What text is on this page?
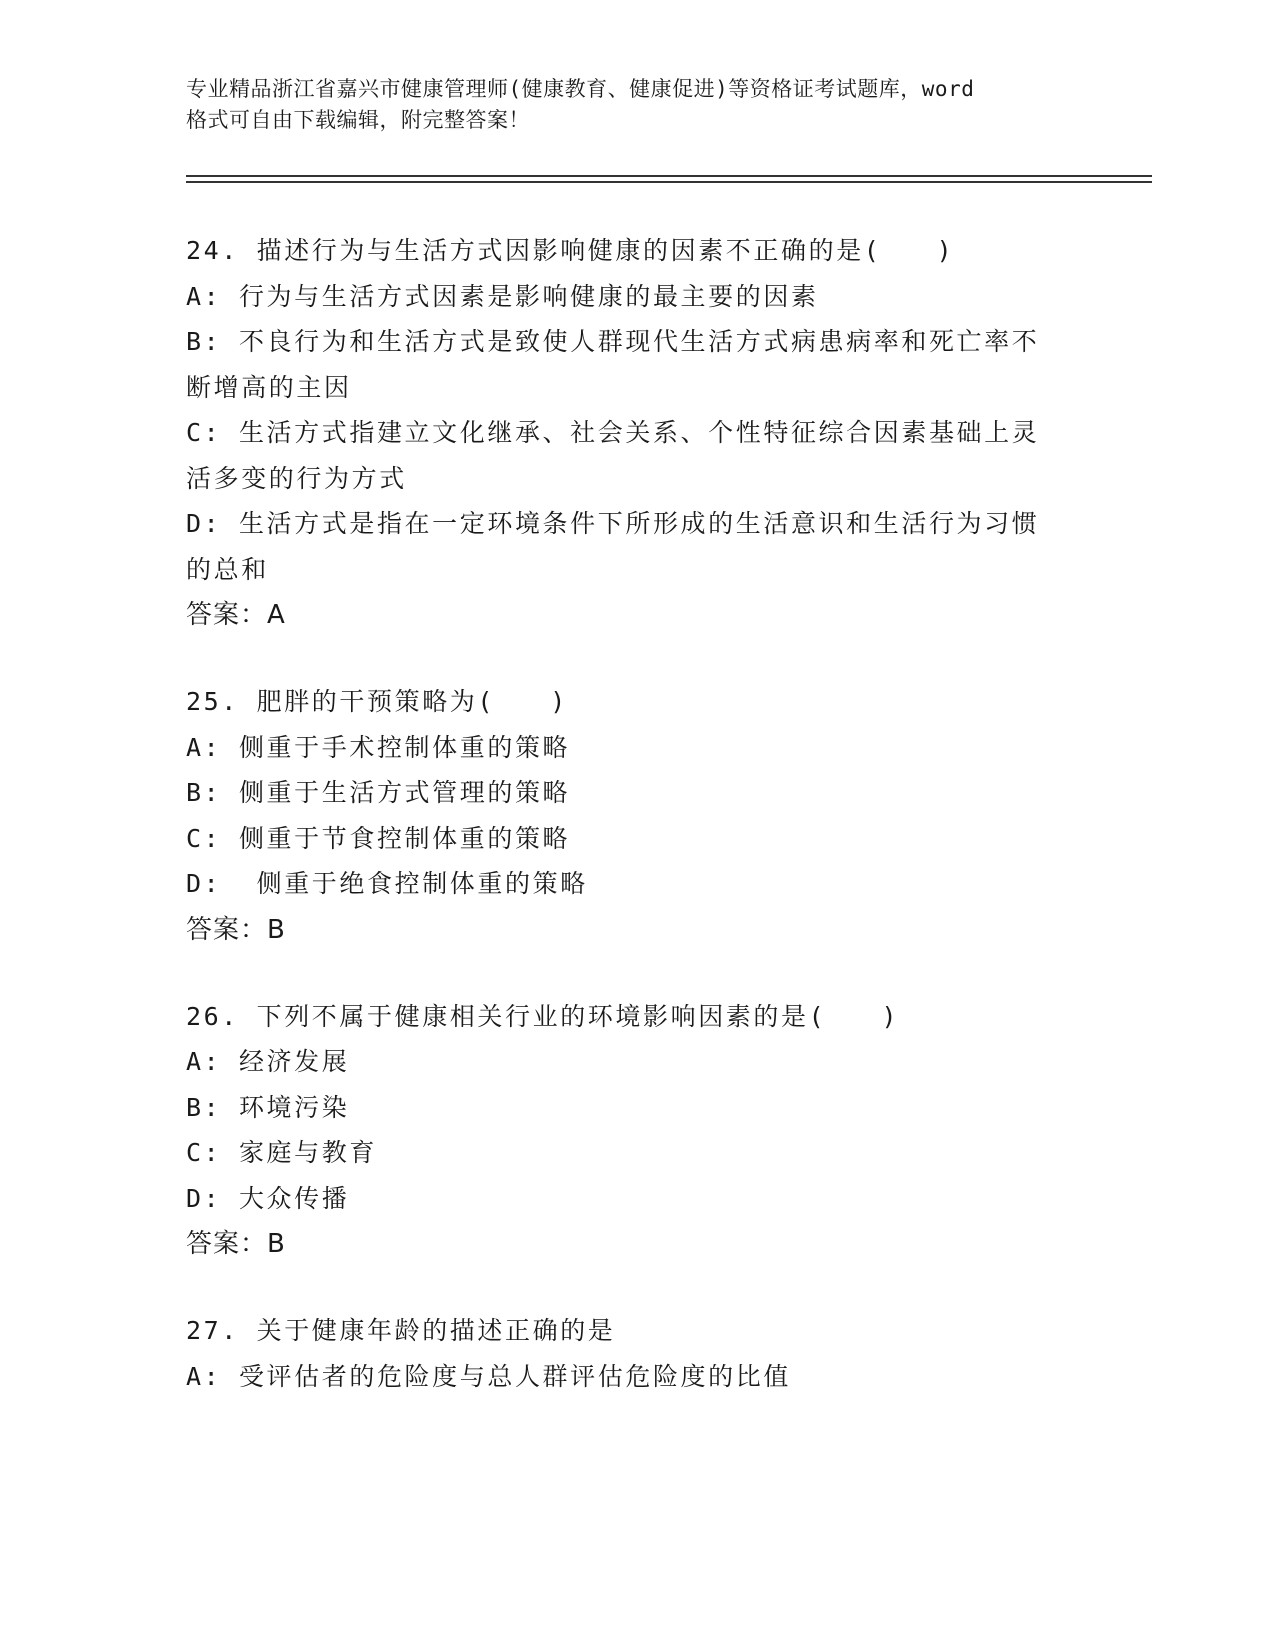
专业精品浙江省嘉兴市健康管理师(健康教育、健康促进)等资格证考试题库，word
格式可自由下载编辑，附完整答案！

24. 描述行为与生活方式因影响健康的因素不正确的是(　　)

A: 行为与生活方式因素是影响健康的最主要的因素

B: 不良行为和生活方式是致使人群现代生活方式病患病率和死亡率不

断增高的主因

C: 生活方式指建立文化继承、社会关系、个性特征综合因素基础上灵

活多变的行为方式

D: 生活方式是指在一定环境条件下所形成的生活意识和生活行为习惯

的总和

答案：A

25. 肥胖的干预策略为(　　)

A: 侧重于手术控制体重的策略

B: 侧重于生活方式管理的策略

C: 侧重于节食控制体重的策略

D:  侧重于绝食控制体重的策略

答案：B

26. 下列不属于健康相关行业的环境影响因素的是(　　)

A: 经济发展

B: 环境污染

C: 家庭与教育

D: 大众传播

答案：B

27. 关于健康年龄的描述正确的是

A: 受评估者的危险度与总人群评估危险度的比值
